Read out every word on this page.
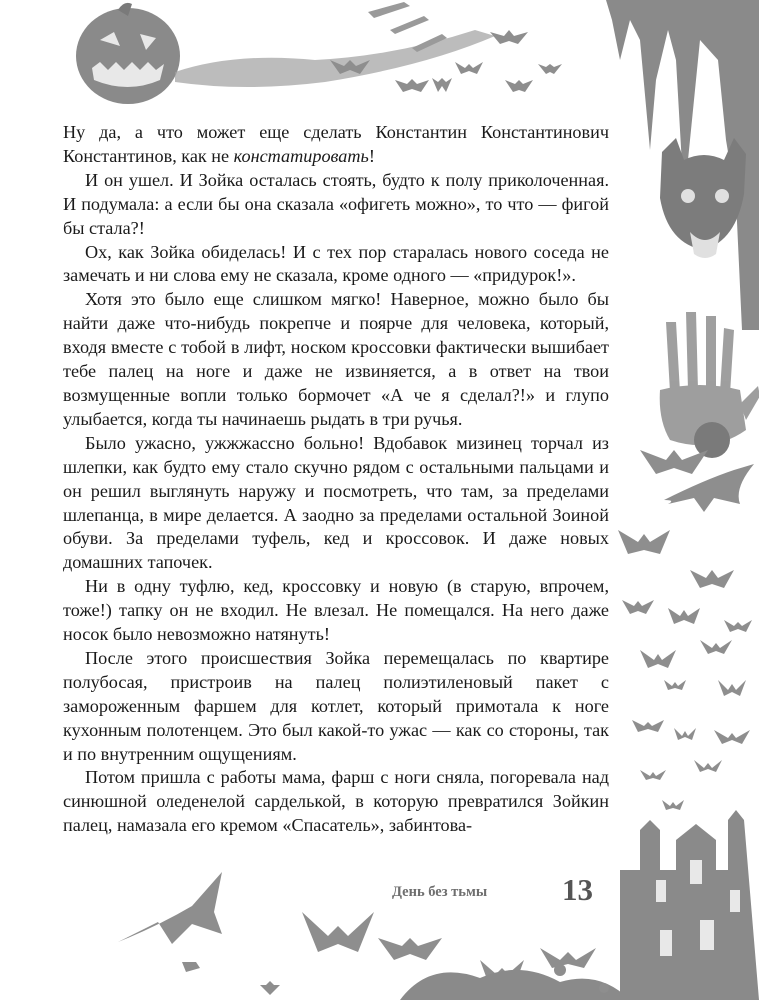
Ну да, а что может еще сделать Константин Константинович Константинов, как не констатировать!

И он ушел. И Зойка осталась стоять, будто к полу приколоченная. И подумала: а если бы она сказала «офигеть можно», то что — фигой бы стала?!

Ох, как Зойка обиделась! И с тех пор старалась нового соседа не замечать и ни слова ему не сказала, кроме одного — «придурок!».

Хотя это было еще слишком мягко! Наверное, можно было бы найти даже что-нибудь покрепче и поярче для человека, который, входя вместе с тобой в лифт, носком кроссовки фактически вышибает тебе палец на ноге и даже не извиняется, а в ответ на твои возмущенные вопли только бормочет «А че я сделал?!» и глупо улыбается, когда ты начинаешь рыдать в три ручья.

Было ужасно, ужжжассно больно! Вдобавок мизинец торчал из шлепки, как будто ему стало скучно рядом с остальными пальцами и он решил выглянуть наружу и посмотреть, что там, за пределами шлепанца, в мире делается. А заодно за пределами остальной Зоиной обуви. За пределами туфель, кед и кроссовок. И даже новых домашних тапочек.

Ни в одну туфлю, кед, кроссовку и новую (в старую, впрочем, тоже!) тапку он не входил. Не влезал. Не помещался. На него даже носок было невозможно натянуть!

После этого происшествия Зойка перемещалась по квартире полубосая, пристроив на палец полиэтиленовый пакет с замороженным фаршем для котлет, который примотала к ноге кухонным полотенцем. Это был какой-то ужас — как со стороны, так и по внутренним ощущениям.

Потом пришла с работы мама, фарш с ноги сняла, погоревала над синюшной оледенелой сарделькой, в которую превратился Зойкин палец, намазала его кремом «Спасатель», забинтова-

День без тьмы	13
